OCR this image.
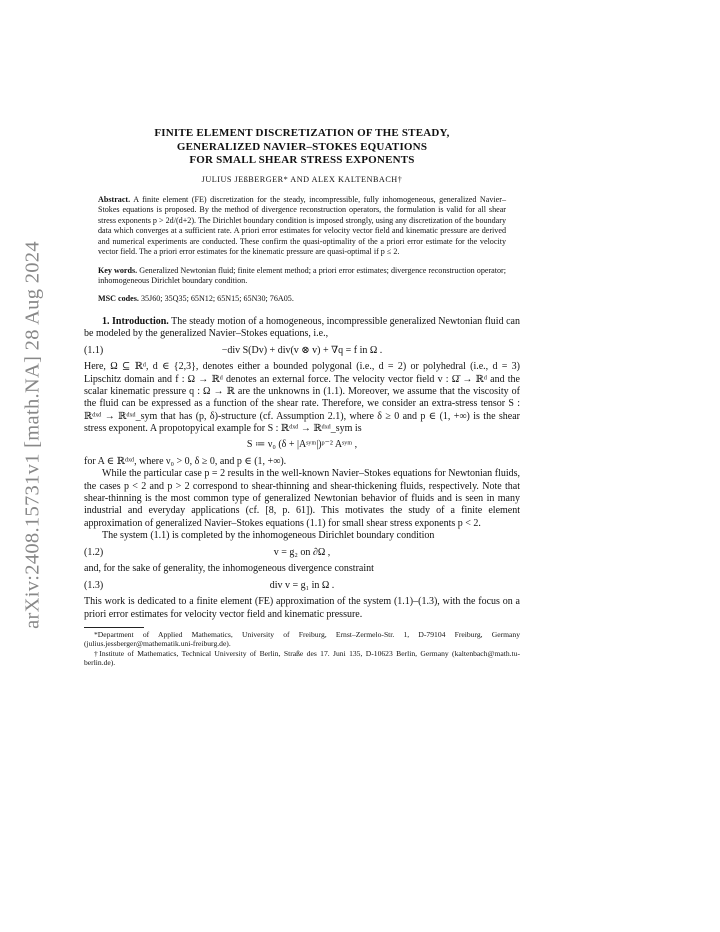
arXiv:2408.15731v1 [math.NA] 28 Aug 2024
FINITE ELEMENT DISCRETIZATION OF THE STEADY,
GENERALIZED NAVIER–STOKES EQUATIONS
FOR SMALL SHEAR STRESS EXPONENTS
JULIUS JEßBERGER* AND ALEX KALTENBACH†

Abstract. A finite element (FE) discretization for the steady, incompressible, fully inhomogeneous, generalized Navier–Stokes equations is proposed. By the method of divergence reconstruction operators, the formulation is valid for all shear stress exponents p > 2d/(d+2). The Dirichlet boundary condition is imposed strongly, using any discretization of the boundary data which converges at a sufficient rate. A priori error estimates for velocity vector field and kinematic pressure are derived and numerical experiments are conducted. These confirm the quasi-optimality of the a priori error estimate for the velocity vector field. The a priori error estimates for the kinematic pressure are quasi-optimal if p ≤ 2.

Key words. Generalized Newtonian fluid; finite element method; a priori error estimates; divergence reconstruction operator; inhomogeneous Dirichlet boundary condition.

MSC codes. 35J60; 35Q35; 65N12; 65N15; 65N30; 76A05.

1. Introduction. The steady motion of a homogeneous, incompressible generalized Newtonian fluid can be modeled by the generalized Navier–Stokes equations, i.e.,

(1.1)	−div S(Dv) + div(v ⊗ v) + ∇q = f in Ω .

Here, Ω ⊆ ℝᵈ, d ∈ {2,3}, denotes either a bounded polygonal (i.e., d = 2) or polyhedral (i.e., d = 3) Lipschitz domain and f : Ω → ℝᵈ denotes an external force. The velocity vector field v : Ω̄ → ℝᵈ and the scalar kinematic pressure q : Ω → ℝ are the unknowns in (1.1). Moreover, we assume that the viscosity of the fluid can be expressed as a function of the shear rate. Therefore, we consider an extra-stress tensor S : ℝᵈˣᵈ → ℝᵈˣᵈ_sym that has (p, δ)-structure (cf. Assumption 2.1), where δ ≥ 0 and p ∈ (1, +∞) is the shear stress exponent. A propotopyical example for S : ℝᵈˣᵈ → ℝᵈˣᵈ_sym is

S ≔ ν₀ (δ + |Aˢʸᵐ|)ᵖ⁻² Aˢʸᵐ ,

for A ∈ ℝᵈˣᵈ, where ν₀ > 0, δ ≥ 0, and p ∈ (1, +∞).

While the particular case p = 2 results in the well-known Navier–Stokes equations for Newtonian fluids, the cases p < 2 and p > 2 correspond to shear-thinning and shear-thickening fluids, respectively. Note that shear-thinning is the most common type of generalized Newtonian behavior of fluids and is seen in many industrial and everyday applications (cf. [8, p. 61]). This motivates the study of a finite element approximation of generalized Navier–Stokes equations (1.1) for small shear stress exponents p < 2.

The system (1.1) is completed by the inhomogeneous Dirichlet boundary condition

(1.2)	v = g₂ on ∂Ω ,

and, for the sake of generality, the inhomogeneous divergence constraint

(1.3)	div v = g₁ in Ω .

This work is dedicated to a finite element (FE) approximation of the system (1.1)–(1.3), with the focus on a priori error estimates for velocity vector field and kinematic pressure.

*Department of Applied Mathematics, University of Freiburg, Ernst–Zermelo-Str. 1, D-79104 Freiburg, Germany (julius.jessberger@mathematik.uni-freiburg.de).

†Institute of Mathematics, Technical University of Berlin, Straße des 17. Juni 135, D-10623 Berlin, Germany (kaltenbach@math.tu-berlin.de).
